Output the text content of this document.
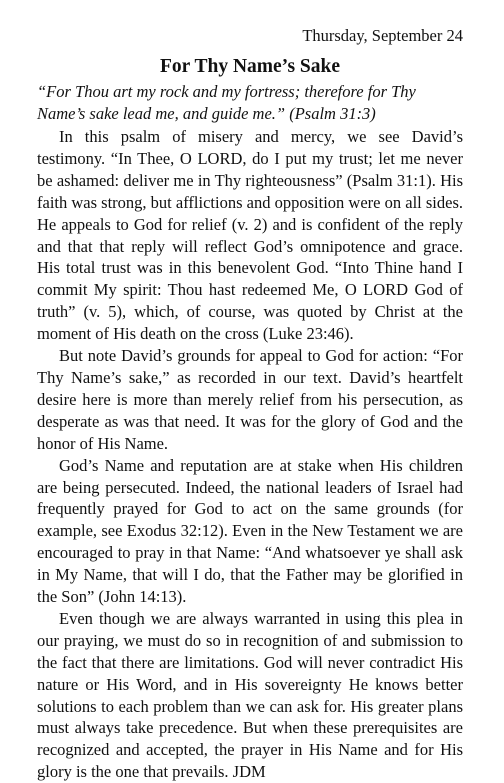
Thursday, September 24
For Thy Name’s Sake

“For Thou art my rock and my fortress; therefore for Thy Name’s sake lead me, and guide me.” (Psalm 31:3)

In this psalm of misery and mercy, we see David’s testimony. “In Thee, O LORD, do I put my trust; let me never be ashamed: deliver me in Thy righteousness” (Psalm 31:1). His faith was strong, but afflictions and opposition were on all sides. He appeals to God for relief (v. 2) and is confident of the reply and that that reply will reflect God’s omnipotence and grace. His total trust was in this benevolent God. “Into Thine hand I commit My spirit: Thou hast redeemed Me, O LORD God of truth” (v. 5), which, of course, was quoted by Christ at the moment of His death on the cross (Luke 23:46).

But note David’s grounds for appeal to God for action: “For Thy Name’s sake,” as recorded in our text. David’s heartfelt desire here is more than merely relief from his persecution, as desperate as was that need. It was for the glory of God and the honor of His Name.

God’s Name and reputation are at stake when His children are being persecuted. Indeed, the national leaders of Israel had frequently prayed for God to act on the same grounds (for example, see Exodus 32:12). Even in the New Testament we are encouraged to pray in that Name: “And whatsoever ye shall ask in My Name, that will I do, that the Father may be glorified in the Son” (John 14:13).

Even though we are always warranted in using this plea in our praying, we must do so in recognition of and submission to the fact that there are limitations. God will never contradict His nature or His Word, and in His sovereignty He knows better solutions to each problem than we can ask for. His greater plans must always take precedence. But when these prerequisites are recognized and accepted, the prayer in His Name and for His glory is the one that prevails. JDM
